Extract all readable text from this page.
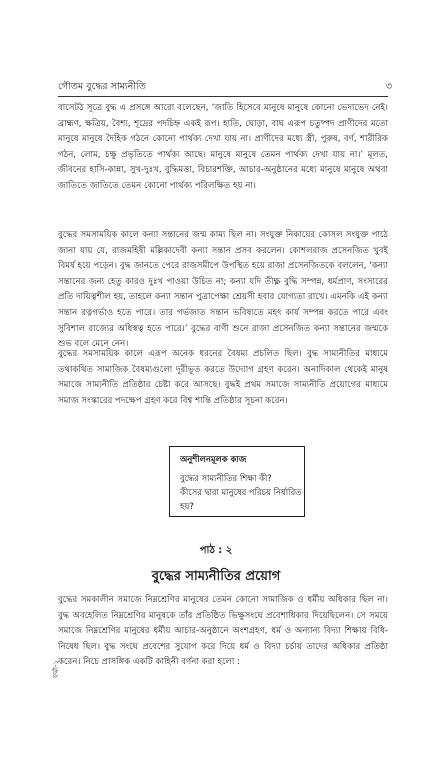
গৌতম বুদ্ধের সাম্যনীতি	৩

বাসেটঠ সূত্রে বুদ্ধ এ প্রসঙ্গে আরো বলেছেন, ‘জাতি হিসেবে মানুষে মানুষে কোনো ভেদাভেদ নেই। ব্রাহ্মণ, ক্ষত্রিয়, বৈশ্য, শূদ্রের পদচিহ্ন একই রূপ। হাতি, ঘোড়া, বাঘ এরূপ চতুষ্পদ প্রাণীদের মতো মানুষে মানুষে দৈহিক গঠনে কোনো পার্থক্য দেখা যায় না। প্রাণীদের মধ্যে স্ত্রী, পুরুষ, বর্ণ, শারীরিক গঠন, লোম, চক্ষু প্রভৃতিতে পার্থক্য আছে। মানুষে মানুষে তেমন পার্থক্য দেখা যায় না।’ মূলত, জীবনের হাসি-কান্না, সুখ-দুঃখ, বুদ্ধিমত্তা, বিচারশক্তি, আচার-অনুষ্ঠানের মধ্যে মানুষে মানুষে অথবা জাতিতে জাতিতে তেমন কোনো পার্থক্য পরিলক্ষিত হয় না।

বুদ্ধের সমসাময়িক কালে কন্যা সন্তানের জন্ম কাম্য ছিল না। সংযুক্ত নিকায়ের কোসল সংযুক্ত পাঠে জানা যায় যে, রাজমহিষী মল্লিকাদেবী কন্যা সন্তান প্রসব করলেন। কোশলরাজ প্রসেনজিত খুবই বিমর্ষ হয়ে পড়েন। বুদ্ধ জানতে পেরে রাজসমীপে উপস্থিত হয়ে রাজা প্রসেনজিতকে বললেন, ‘কন্যা সন্তানের জন্য হেতু কারও দুঃখ পাওয়া উচিত না; কন্যা যদি তীক্ষ্ণ বুদ্ধি সম্পন্ন, ধর্মপ্রাণ, সংসারের প্রতি দায়িত্বশীল হয়, তাহলে কন্যা সন্তান পুত্রাপেক্ষা শ্রেয়সী হবার যোগ্যতা রাখে। এমনকি এই কন্যা সন্তান রত্নগর্ভাও হতে পারে। তার গর্ভজাত সন্তান ভবিষ্যতে মহৎ কার্য সম্পন্ন করতে পারে এবং সুবিশাল রাজ্যের অধিস্বত্ব হতে পারে।’ বুদ্ধের বাণী শুনে রাজা প্রসেনজিত কন্যা সন্তানের জন্মকে শুভ বলে মেনে নেন।

বুদ্ধের সমসাময়িক কালে এরূপ অনেক ধরনের বৈষম্য প্রচলিত ছিল। বুদ্ধ সাম্যনীতির মাধ্যমে তথাকথিত সামাজিক বৈষম্যগুলো দূরীভূত করতে উদ্যোগ গ্রহণ করেন। অনাদিকাল থেকেই মানুষ সমাজে সাম্যনীতি প্রতিষ্ঠার চেষ্টা করে আসছে। বুদ্ধই প্রথম সমাজে সাম্যনীতি প্রয়োগের মাধ্যমে সমাজ সংস্কারের পদক্ষেপ গ্রহণ করে বিশ্ব শান্তি প্রতিষ্ঠার সূচনা করেন।

অনুশীলনমূলক কাজ
বুদ্ধের সাম্যনীতির শিক্ষা কী?
কীসের দ্বারা মানুষের পরিচয় নির্ধারিত হয়?
পাঠ : ২
বুদ্ধের সাম্যনীতির প্রয়োগ

বুদ্ধের সমকালীন সমাজে নিম্নশ্রেণির মানুষের তেমন কোনো সামাজিক ও ধর্মীয় অধিকার ছিল না। বুদ্ধ অবহেলিত নিম্নশ্রেণির মানুষকে তাঁর প্রতিষ্ঠিত ভিক্ষুসংঘে প্রবেশাধিকার দিয়েছিলেন। সে সময়ে সমাজে নিম্নশ্রেণির মানুষের ধর্মীয় আচার-অনুষ্ঠানে অংশগ্রহণ, ধর্ম ও অন্যান্য বিদ্যা শিক্ষায় বিধি-নিষেধ ছিল। বুদ্ধ সংঘে প্রবেশের সুযোগ করে দিয়ে ধর্ম ও বিদ্যা চর্চায় তাদের অধিকার প্রতিষ্ঠা করেন। নিচে প্রাসঙ্গিক একটি কাহিনী বর্ণনা করা হলো :

ফর্মা-১
